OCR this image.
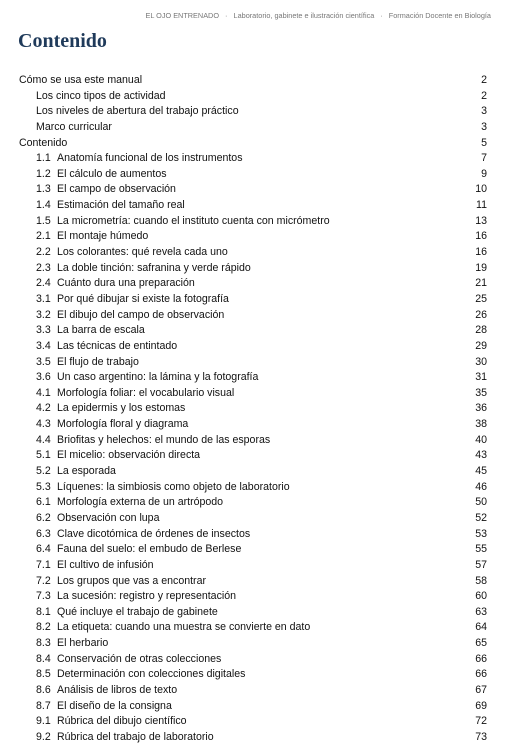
EL OJO ENTRENADO · Laboratorio, gabinete e ilustración científica · Formación Docente en Biología
Contenido
Cómo se usa este manual	2
Los cinco tipos de actividad	2
Los niveles de abertura del trabajo práctico	3
Marco curricular	3
Contenido	5
1.1 Anatomía funcional de los instrumentos	7
1.2 El cálculo de aumentos	9
1.3 El campo de observación	10
1.4 Estimación del tamaño real	11
1.5 La micrometría: cuando el instituto cuenta con micrómetro	13
2.1 El montaje húmedo	16
2.2 Los colorantes: qué revela cada uno	16
2.3 La doble tinción: safranina y verde rápido	19
2.4 Cuánto dura una preparación	21
3.1 Por qué dibujar si existe la fotografía	25
3.2 El dibujo del campo de observación	26
3.3 La barra de escala	28
3.4 Las técnicas de entintado	29
3.5 El flujo de trabajo	30
3.6 Un caso argentino: la lámina y la fotografía	31
4.1 Morfología foliar: el vocabulario visual	35
4.2 La epidermis y los estomas	36
4.3 Morfología floral y diagrama	38
4.4 Briofitas y helechos: el mundo de las esporas	40
5.1 El micelio: observación directa	43
5.2 La esporada	45
5.3 Líquenes: la simbiosis como objeto de laboratorio	46
6.1 Morfología externa de un artrópodo	50
6.2 Observación con lupa	52
6.3 Clave dicotómica de órdenes de insectos	53
6.4 Fauna del suelo: el embudo de Berlese	55
7.1 El cultivo de infusión	57
7.2 Los grupos que vas a encontrar	58
7.3 La sucesión: registro y representación	60
8.1 Qué incluye el trabajo de gabinete	63
8.2 La etiqueta: cuando una muestra se convierte en dato	64
8.3 El herbario	65
8.4 Conservación de otras colecciones	66
8.5 Determinación con colecciones digitales	66
8.6 Análisis de libros de texto	67
8.7 El diseño de la consigna	69
9.1 Rúbrica del dibujo científico	72
9.2 Rúbrica del trabajo de laboratorio	73
